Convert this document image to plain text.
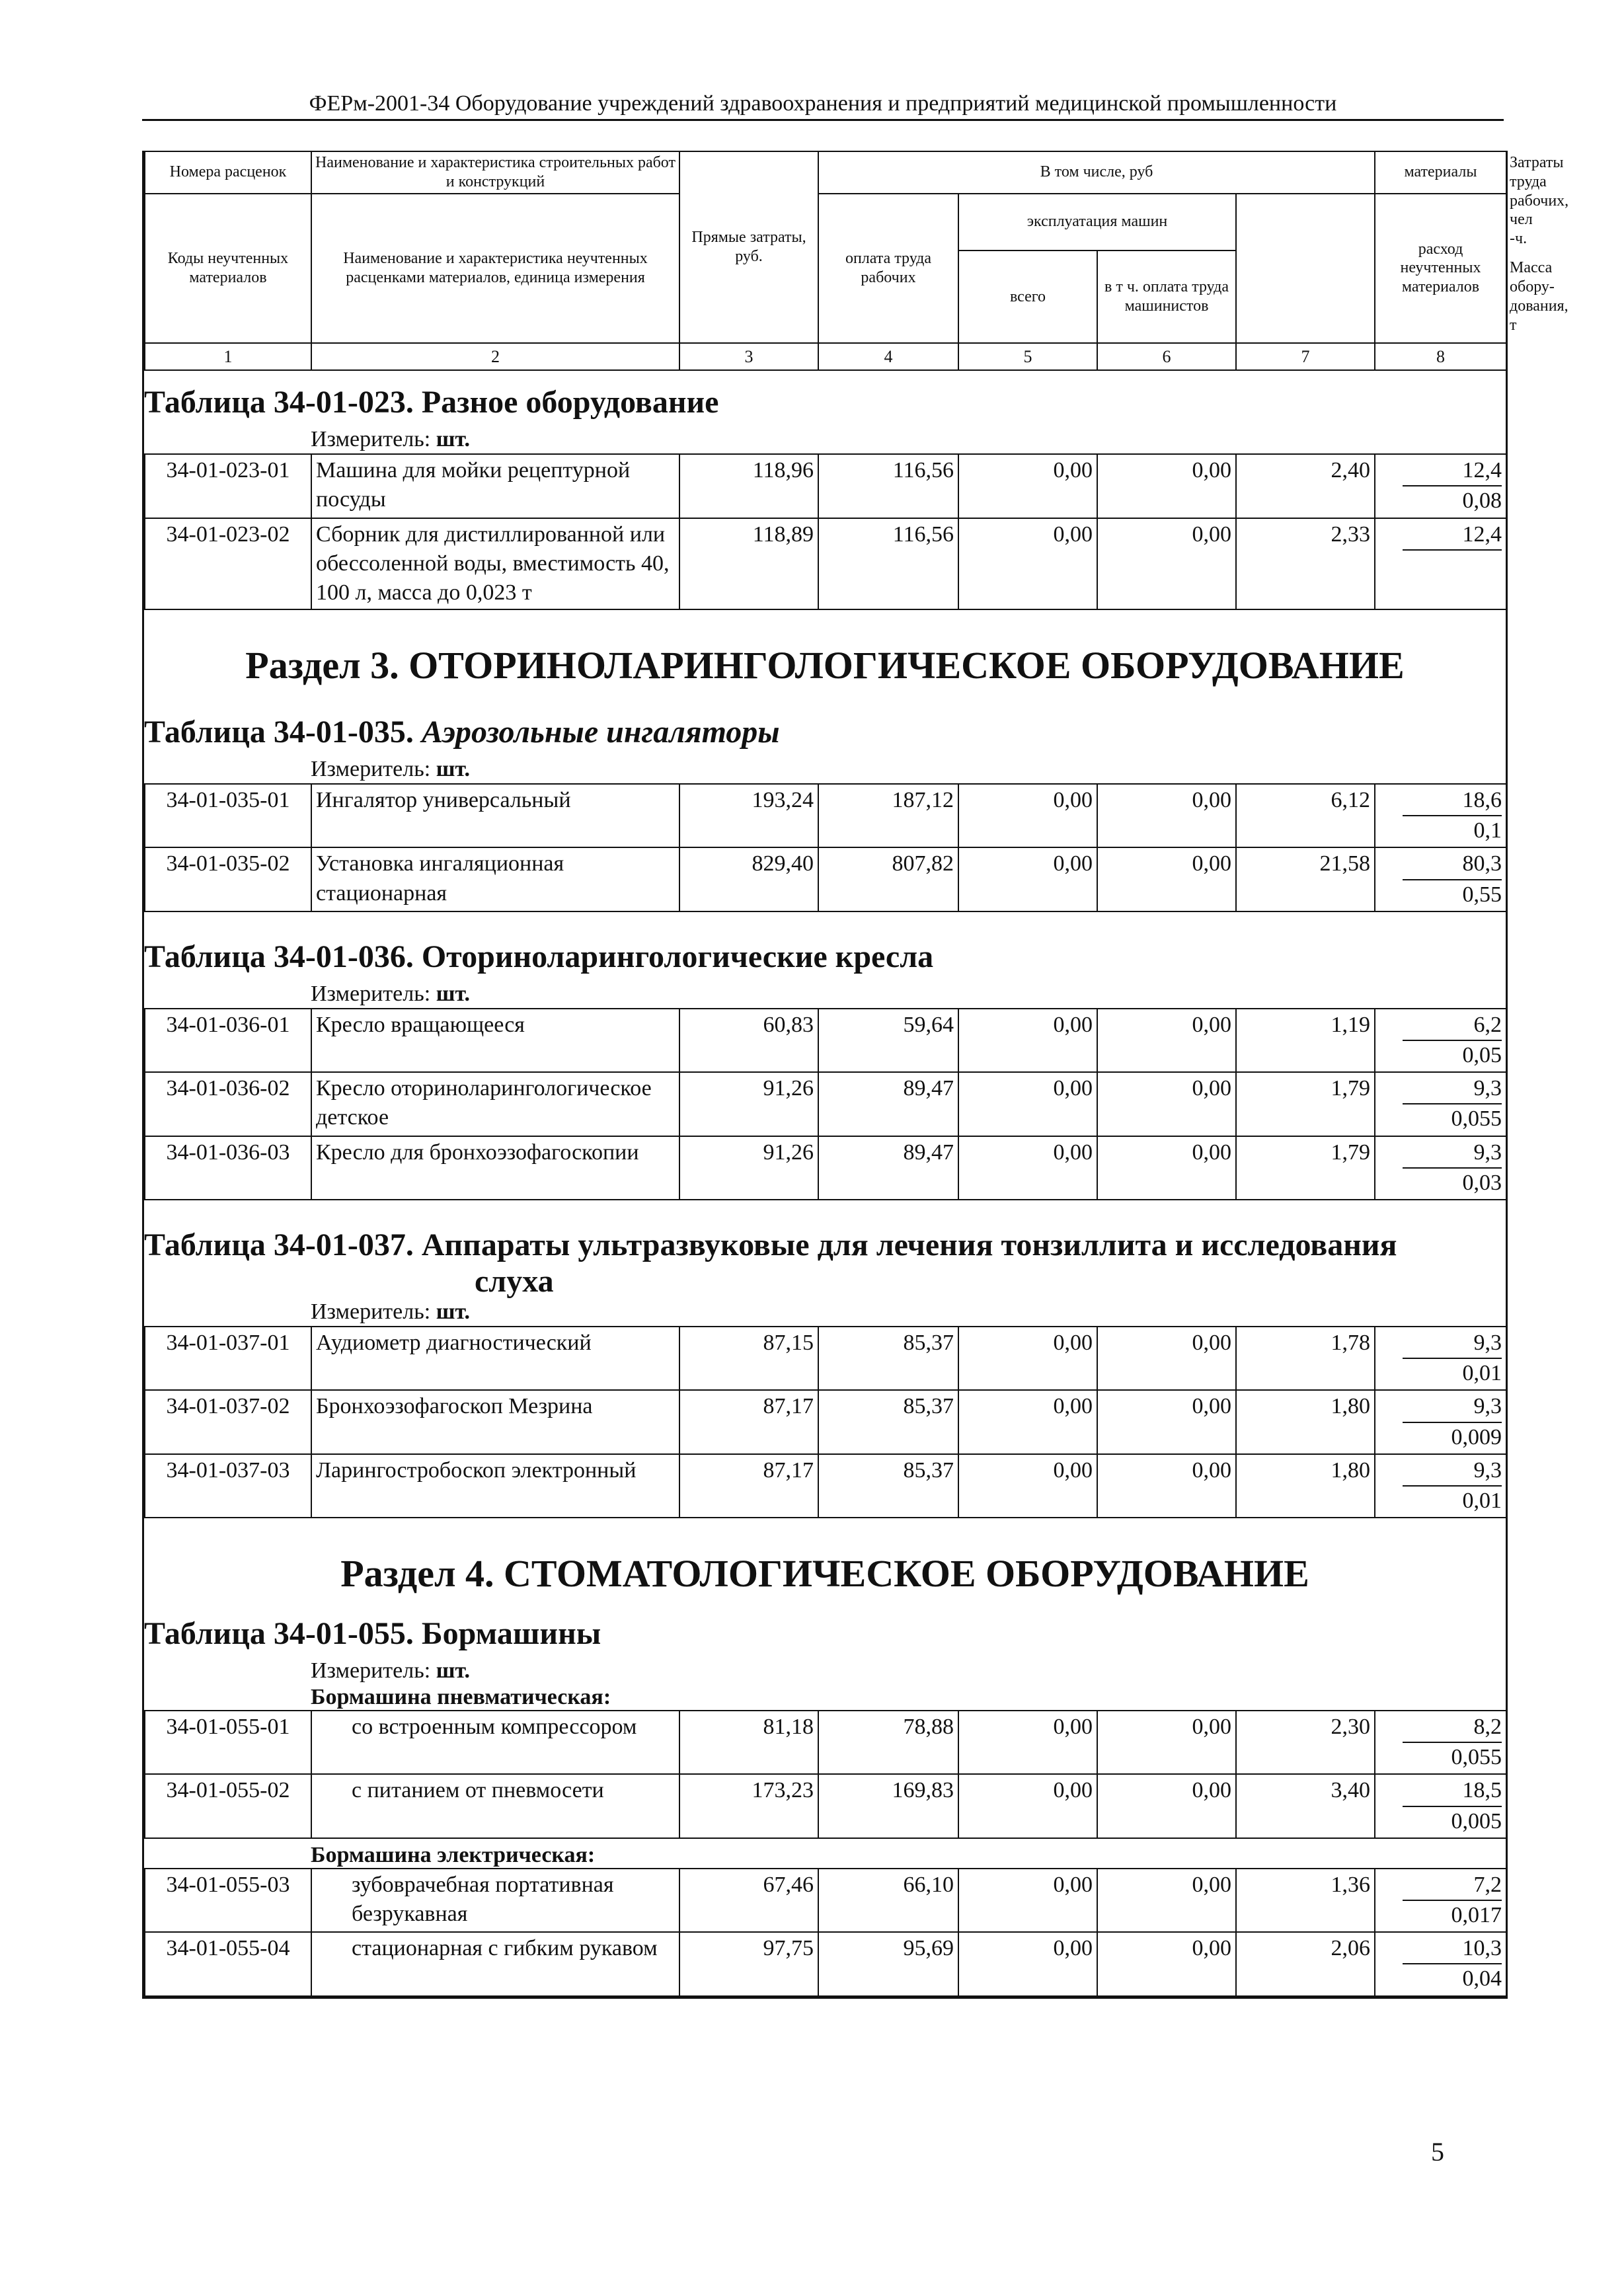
ФЕРм-2001-34 Оборудование учреждений здравоохранения и предприятий медицинской промышленности
Номера расценок	Наименование и характеристика строительных работ и конструкций	Прямые затраты, руб.	В том числе, руб				материалы	Затраты труда рабочих, чел -ч.
Коды неучтенных материалов	Наименование и характеристика неучтенных расценками материалов, единица измерения		оплата труда рабочих	эксплуатация машин			расход неучтенных материалов	
				всего	в т ч. оплата труда машинистов			Масса обору-дования, т
1	2	3	4	5	6	7	8	
Таблица 34-01-023. Разное оборудование
Измеритель: шт.
34-01-023-01	Машина для мойки рецептурной посуды	118,96	116,56	0,00	0,00	2,40	12,4
0,08

34-01-023-02	Сборник для дистиллированной или обессоленной воды, вместимость 40, 100 л, масса до 0,023 т	118,89	116,56	0,00	0,00	2,33	12,4
Раздел 3. ОТОРИНОЛАРИНГОЛОГИЧЕСКОЕ ОБОРУДОВАНИЕ
Таблица 34-01-035. Аэрозольные ингаляторы
Измеритель: шт.
34-01-035-01	Ингалятор универсальный	193,24	187,12	0,00	0,00	6,12	18,6
0,1

34-01-035-02	Установка ингаляционная стационарная	829,40	807,82	0,00	0,00	21,58	80,3
0,55
Таблица 34-01-036. Оториноларингологические кресла
Измеритель: шт.
34-01-036-01	Кресло вращающееся	60,83	59,64	0,00	0,00	1,19	6,2
0,05

34-01-036-02	Кресло оториноларингологическое детское	91,26	89,47	0,00	0,00	1,79	9,3
0,055

34-01-036-03	Кресло для бронхоэзофагоскопии	91,26	89,47	0,00	0,00	1,79	9,3
0,03
Таблица 34-01-037. Аппараты ультразвуковые для лечения тонзиллита и исследования
слуха
Измеритель: шт.
34-01-037-01	Аудиометр диагностический	87,15	85,37	0,00	0,00	1,78	9,3
0,01

34-01-037-02	Бронхоэзофагоскоп Мезрина	87,17	85,37	0,00	0,00	1,80	9,3
0,009

34-01-037-03	Ларингостробоскоп электронный	87,17	85,37	0,00	0,00	1,80	9,3
0,01
Раздел 4. СТОМАТОЛОГИЧЕСКОЕ ОБОРУДОВАНИЕ
Таблица 34-01-055. Бормашины
Измеритель: шт.
Бормашина пневматическая:
34-01-055-01	со встроенным компрессором	81,18	78,88	0,00	0,00	2,30	8,2
0,055

34-01-055-02	с питанием от пневмосети	173,23	169,83	0,00	0,00	3,40	18,5
0,005
Бормашина электрическая:
34-01-055-03	зубоврачебная портативная безрукавная	67,46	66,10	0,00	0,00	1,36	7,2
0,017

34-01-055-04	стационарная с гибким рукавом	97,75	95,69	0,00	0,00	2,06	10,3
0,04
5
